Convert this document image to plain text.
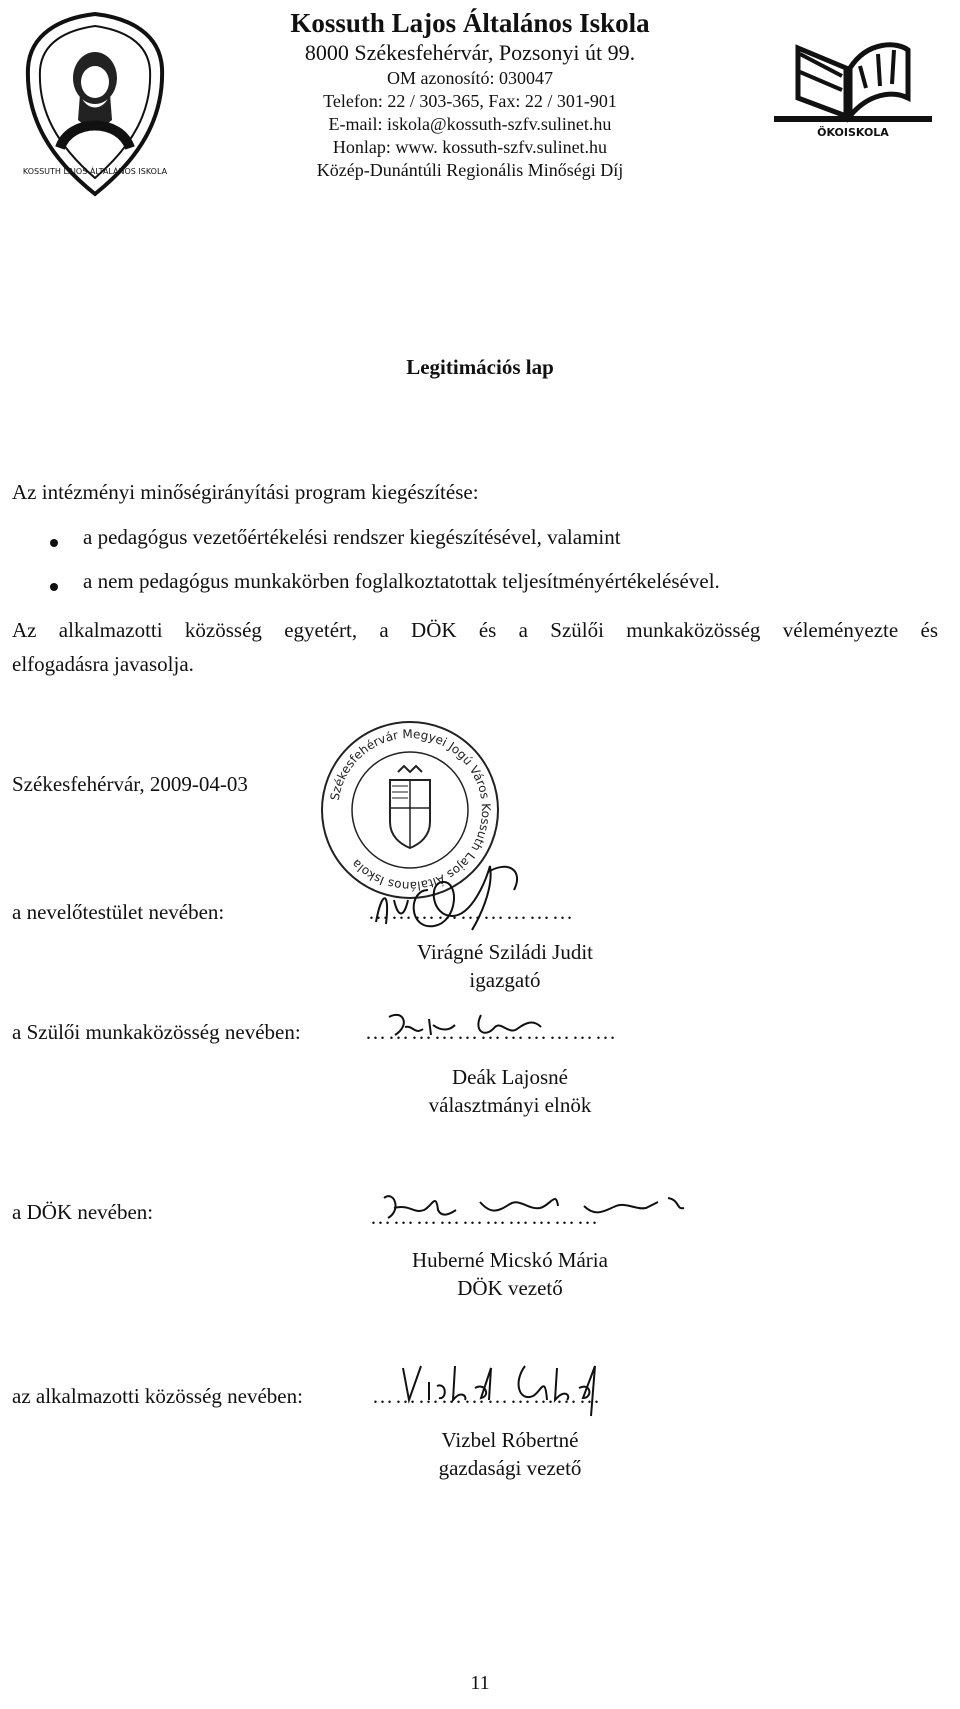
KOSSUTH LAJOS ÁLTALÁNOS ISKOLA
ÖKOISKOLA
Kossuth Lajos Általános Iskola
8000 Székesfehérvár, Pozsonyi út 99.
OM azonosító: 030047
Telefon: 22 / 303-365, Fax: 22 / 301-901
E-mail: iskola@kossuth-szfv.sulinet.hu
Honlap: www. kossuth-szfv.sulinet.hu
Közép-Dunántúli Regionális Minőségi Díj
Legitimációs lap
Az intézményi minőségirányítási program kiegészítése:
a pedagógus vezetőértékelési rendszer kiegészítésével, valamint
a nem pedagógus munkakörben foglalkoztatottak teljesítményértékelésével.
Az alkalmazotti közösség egyetért, a DÖK és a Szülői munkaközösség véleményezte és
elfogadásra javasolja.
Székesfehérvár, 2009-04-03
Székesfehérvár Megyei Jogú Város Kossuth Lajos Általános Iskola
a nevelőtestület nevében:	………………………
Virágné Sziládi Judit
igazgató
a Szülői munkaközösség nevében:	……………………………
Deák Lajosné
választmányi elnök
a DÖK nevében:	…………………………
Huberné Micskó Mária
DÖK vezető
az alkalmazotti közösség nevében:	…………………………
Vizbel Róbertné
gazdasági vezető
11
